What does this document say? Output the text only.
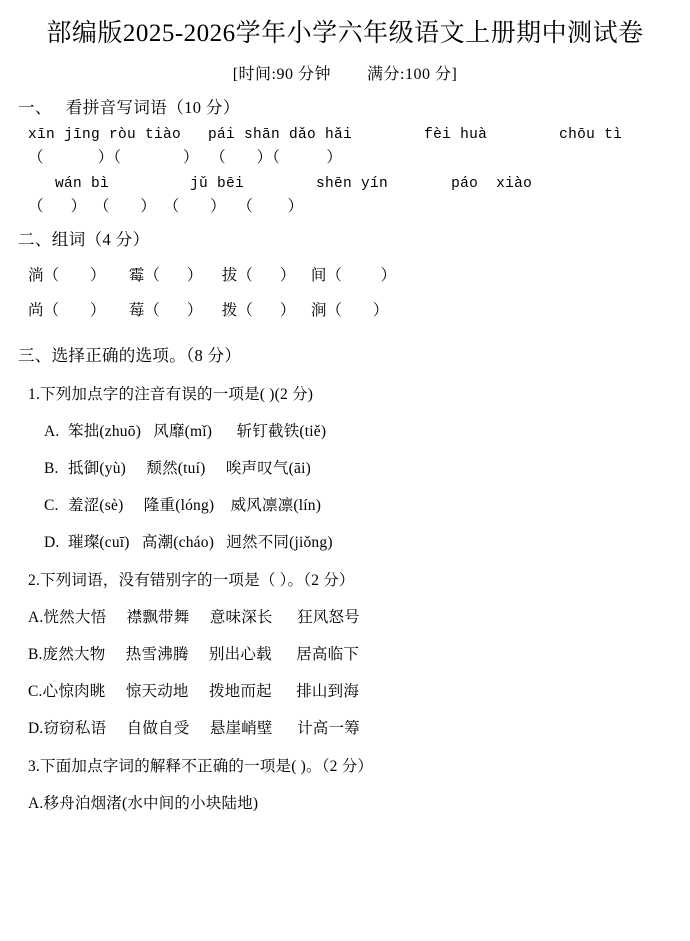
部编版2025-2026学年小学六年级语文上册期中测试卷
[时间:90 分钟 满分:100 分]
一、 看拼音写词语（10 分）
xīn jīng ròu tiào   pái shān dǎo hǎi        fèi huà        chōu tì
（              ）（                ）   （        ）（            ）
wán bì         jǔ bēi        shēn yín       páo  xiào
（       ）  （        ）  （        ）   （         ）
二、组词（4 分）
淌（        ）      霉（       ）     拔（       ）    间（          ）
尚（        ）      莓（       ）     拨（       ）    涧（        ）
三、选择正确的选项。（8 分）
1.下列加点字的注音有误的一项是( )(2 分)
A. 笨拙(zhuō)   风靡(mǐ)      斩钉截铁(tiě)
B. 抵御(yù)     颓然(tuí)     唉声叹气(āi)
C. 羞涩(sè)     隆重(lóng)    威风凛凛(lín)
D. 璀璨(cuī)   高潮(cháo)   迥然不同(jiǒng)
2.下列词语，没有错别字的一项是（ ）。（2 分）
A.恍然大悟     襟飘带舞     意味深长      狂风怒号
B.庞然大物     热雪沸腾     别出心载      居高临下
C.心惊肉眺     惊天动地     拨地而起      排山到海
D.窃窃私语     自做自受     悬崖峭壁      计高一筹
3.下面加点字词的解释不正确的一项是( )。（2 分）
A.移舟泊烟渚(水中间的小块陆地)
